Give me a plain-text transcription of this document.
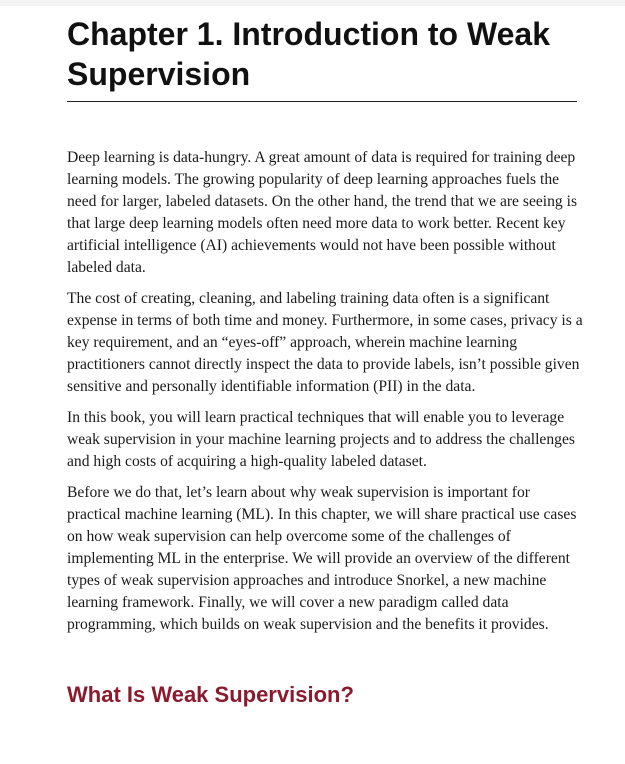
Chapter 1. Introduction to Weak Supervision

Deep learning is data-hungry. A great amount of data is required for training deep learning models. The growing popularity of deep learning approaches fuels the need for larger, labeled datasets. On the other hand, the trend that we are seeing is that large deep learning models often need more data to work better. Recent key artificial intelligence (AI) achievements would not have been possible without labeled data.

The cost of creating, cleaning, and labeling training data often is a significant expense in terms of both time and money. Furthermore, in some cases, privacy is a key requirement, and an “eyes-off” approach, wherein machine learning practitioners cannot directly inspect the data to provide labels, isn’t possible given sensitive and personally identifiable information (PII) in the data.

In this book, you will learn practical techniques that will enable you to leverage weak supervision in your machine learning projects and to address the challenges and high costs of acquiring a high-quality labeled dataset.

Before we do that, let’s learn about why weak supervision is important for practical machine learning (ML). In this chapter, we will share practical use cases on how weak supervision can help overcome some of the challenges of implementing ML in the enterprise. We will provide an overview of the different types of weak supervision approaches and introduce Snorkel, a new machine learning framework. Finally, we will cover a new paradigm called data programming, which builds on weak supervision and the benefits it provides.

What Is Weak Supervision?
